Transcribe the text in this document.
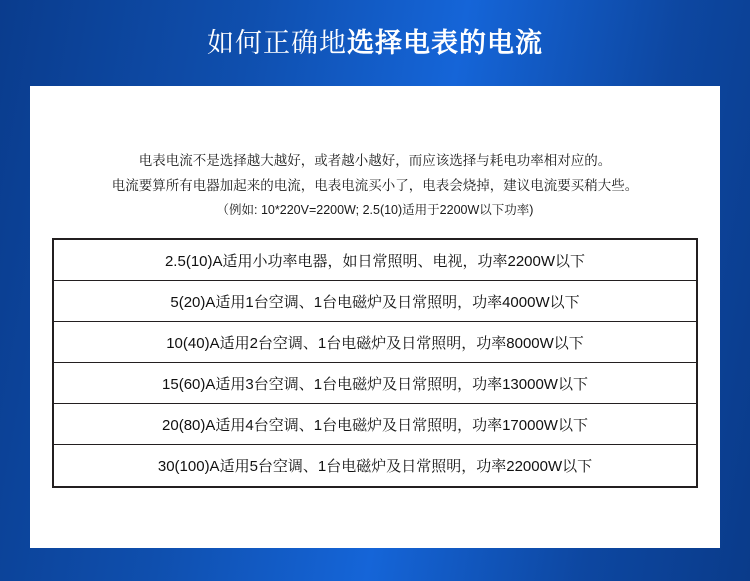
如何正确地选择电表的电流
电表电流不是选择越大越好，或者越小越好，而应该选择与耗电功率相对应的。
电流要算所有电器加起来的电流，电表电流买小了，电表会烧掉，建议电流要买稍大些。
（例如: 10*220V=2200W; 2.5(10)适用于2200W以下功率)
2.5(10)A适用小功率电器，如日常照明、电视，功率2200W以下
5(20)A适用1台空调、1台电磁炉及日常照明，功率4000W以下
10(40)A适用2台空调、1台电磁炉及日常照明，功率8000W以下
15(60)A适用3台空调、1台电磁炉及日常照明，功率13000W以下
20(80)A适用4台空调、1台电磁炉及日常照明，功率17000W以下
30(100)A适用5台空调、1台电磁炉及日常照明，功率22000W以下
